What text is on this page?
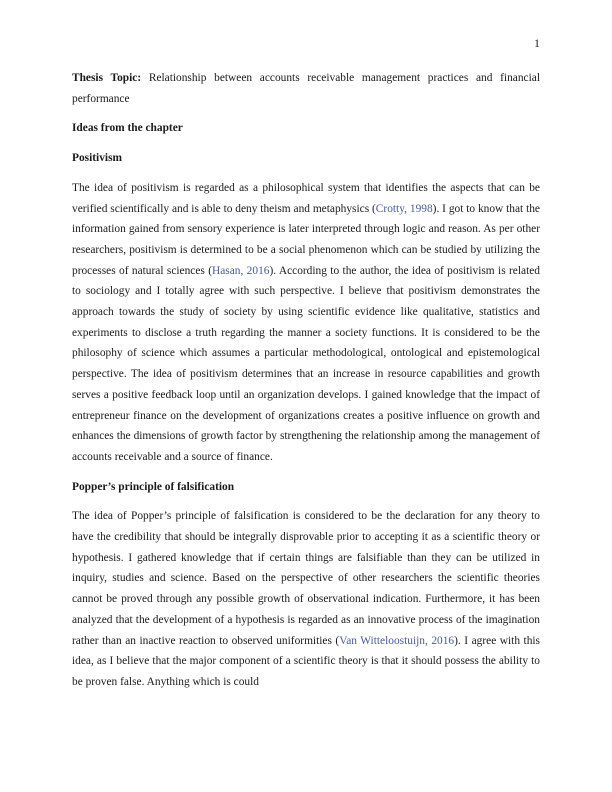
1

Thesis Topic: Relationship between accounts receivable management practices and financial performance

Ideas from the chapter

Positivism

The idea of positivism is regarded as a philosophical system that identifies the aspects that can be verified scientifically and is able to deny theism and metaphysics (Crotty, 1998). I got to know that the information gained from sensory experience is later interpreted through logic and reason. As per other researchers, positivism is determined to be a social phenomenon which can be studied by utilizing the processes of natural sciences (Hasan, 2016). According to the author, the idea of positivism is related to sociology and I totally agree with such perspective. I believe that positivism demonstrates the approach towards the study of society by using scientific evidence like qualitative, statistics and experiments to disclose a truth regarding the manner a society functions. It is considered to be the philosophy of science which assumes a particular methodological, ontological and epistemological perspective. The idea of positivism determines that an increase in resource capabilities and growth serves a positive feedback loop until an organization develops. I gained knowledge that the impact of entrepreneur finance on the development of organizations creates a positive influence on growth and enhances the dimensions of growth factor by strengthening the relationship among the management of accounts receivable and a source of finance.

Popper’s principle of falsification

The idea of Popper’s principle of falsification is considered to be the declaration for any theory to have the credibility that should be integrally disprovable prior to accepting it as a scientific theory or hypothesis. I gathered knowledge that if certain things are falsifiable than they can be utilized in inquiry, studies and science. Based on the perspective of other researchers the scientific theories cannot be proved through any possible growth of observational indication. Furthermore, it has been analyzed that the development of a hypothesis is regarded as an innovative process of the imagination rather than an inactive reaction to observed uniformities (Van Witteloostuijn, 2016). I agree with this idea, as I believe that the major component of a scientific theory is that it should possess the ability to be proven false. Anything which is could
